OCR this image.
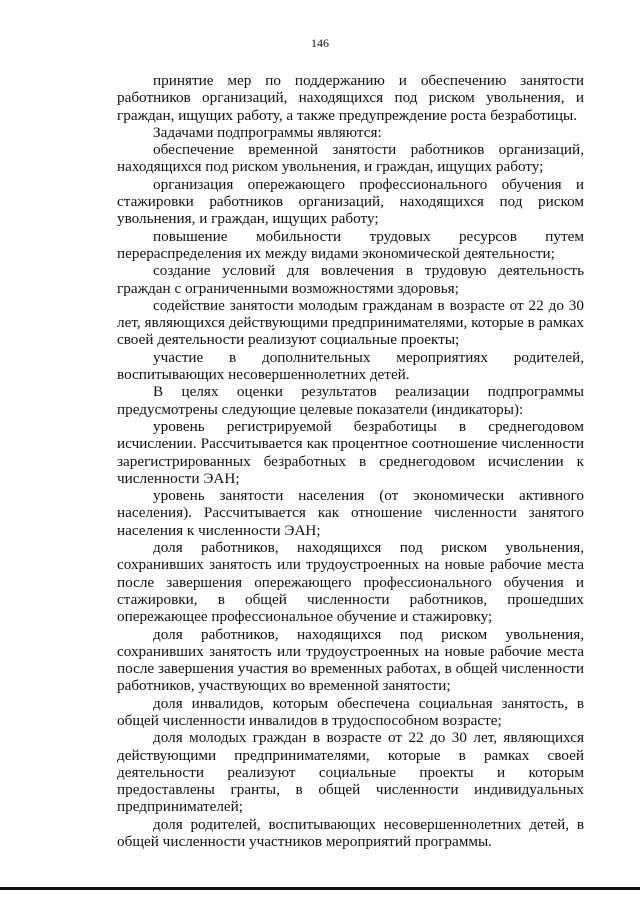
146

принятие мер по поддержанию и обеспечению занятости работников организаций, находящихся под риском увольнения, и граждан, ищущих работу, а также предупреждение роста безработицы.

Задачами подпрограммы являются:

обеспечение временной занятости работников организаций, находящихся под риском увольнения, и граждан, ищущих работу;

организация опережающего профессионального обучения и стажировки работников организаций, находящихся под риском увольнения, и граждан, ищущих работу;

повышение мобильности трудовых ресурсов путем перераспределения их между видами экономической деятельности;

создание условий для вовлечения в трудовую деятельность граждан с ограниченными возможностями здоровья;

содействие занятости молодым гражданам в возрасте от 22 до 30 лет, являющихся действующими предпринимателями, которые в рамках своей деятельности реализуют социальные проекты;

участие в дополнительных мероприятиях родителей, воспитывающих несовершеннолетних детей.

В целях оценки результатов реализации подпрограммы предусмотрены следующие целевые показатели (индикаторы):

уровень регистрируемой безработицы в среднегодовом исчислении. Рассчитывается как процентное соотношение численности зарегистрированных безработных в среднегодовом исчислении к численности ЭАН;

уровень занятости населения (от экономически активного населения). Рассчитывается как отношение численности занятого населения к численности ЭАН;

доля работников, находящихся под риском увольнения, сохранивших занятость или трудоустроенных на новые рабочие места после завершения опережающего профессионального обучения и стажировки, в общей численности работников, прошедших опережающее профессиональное обучение и стажировку;

доля работников, находящихся под риском увольнения, сохранивших занятость или трудоустроенных на новые рабочие места после завершения участия во временных работах, в общей численности работников, участвующих во временной занятости;

доля инвалидов, которым обеспечена социальная занятость, в общей численности инвалидов в трудоспособном возрасте;

доля молодых граждан в возрасте от 22 до 30 лет, являющихся действующими предпринимателями, которые в рамках своей деятельности реализуют социальные проекты и которым предоставлены гранты, в общей численности индивидуальных предпринимателей;

доля родителей, воспитывающих несовершеннолетних детей, в общей численности участников мероприятий программы.
